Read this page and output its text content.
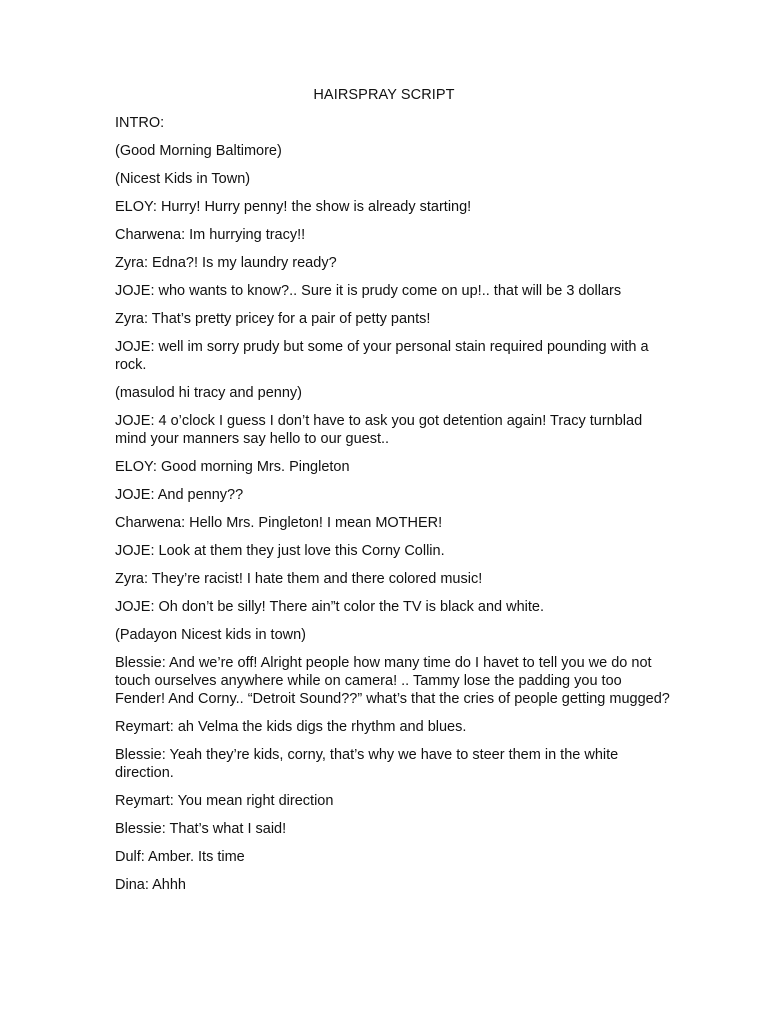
HAIRSPRAY SCRIPT
INTRO:
(Good Morning Baltimore)
(Nicest Kids in Town)
ELOY: Hurry! Hurry penny! the show is already starting!
Charwena: Im hurrying tracy!!
Zyra: Edna?! Is my laundry ready?
JOJE: who wants to know?.. Sure it is prudy come on up!.. that will be 3 dollars
Zyra: That’s pretty pricey for a pair of petty pants!
JOJE: well im sorry prudy but some of your personal stain required pounding with a rock.
(masulod hi tracy and penny)
JOJE: 4 o’clock I guess I don’t have to ask you got detention again! Tracy turnblad mind your manners say hello to our guest..
ELOY: Good morning Mrs. Pingleton
JOJE: And penny??
Charwena: Hello Mrs. Pingleton! I mean MOTHER!
JOJE: Look at them they just love this Corny Collin.
Zyra: They’re racist! I hate them and there colored music!
JOJE: Oh don’t be silly! There ain”t color the TV is black and white.
(Padayon Nicest kids in town)
Blessie: And we’re off! Alright people how many time do I havet to tell you we do not touch ourselves anywhere while on camera! .. Tammy lose the padding you too Fender! And Corny.. “Detroit Sound??” what’s that the cries of people getting mugged?
Reymart: ah Velma the kids digs the rhythm and blues.
Blessie: Yeah they’re kids, corny, that’s why we have to steer them in the white direction.
Reymart: You mean right direction
Blessie: That’s what I said!
Dulf: Amber. Its time
Dina: Ahhh
